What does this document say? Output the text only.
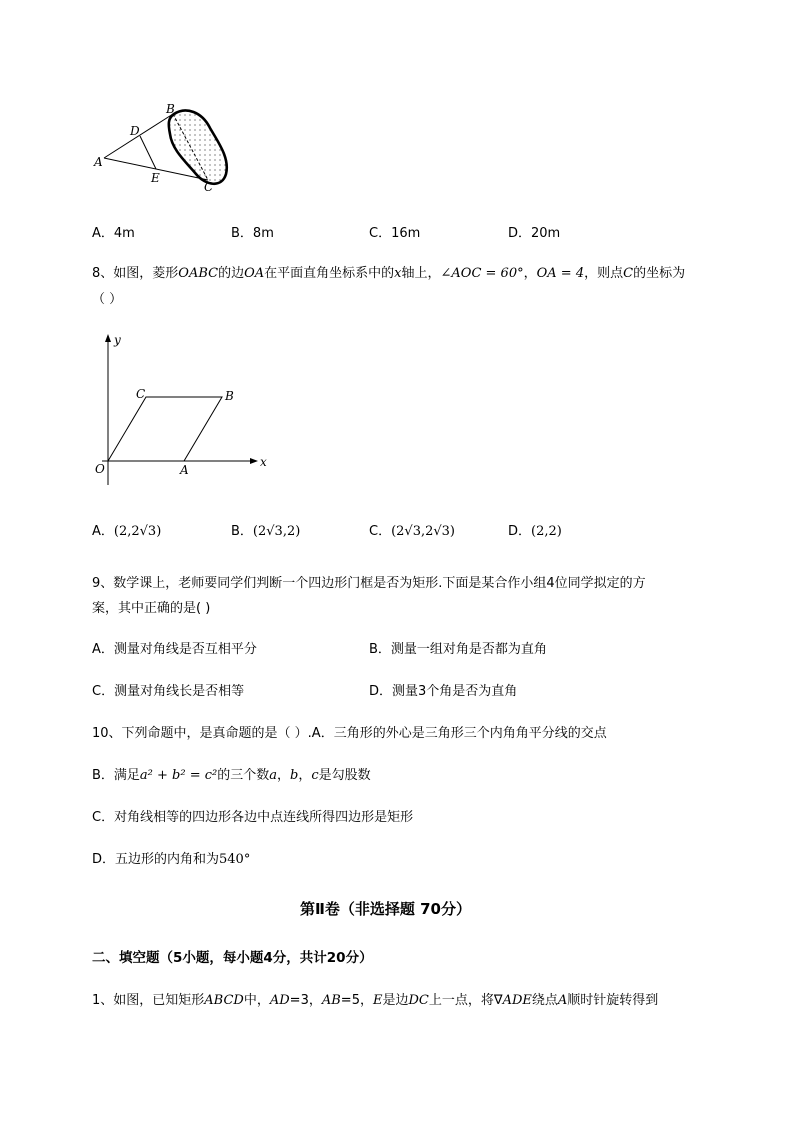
B
D
A
E
C
A．4m	B．8m	C．16m	D．20m
8、如图，菱形OABC的边OA在平面直角坐标系中的x轴上，∠AOC = 60°，OA = 4，则点C的坐标为
（ ）
y
x
O	A
B
C
A．(2,2√3)	B．(2√3,2)	C．(2√3,2√3)	D．(2,2)
9、数学课上，老师要同学们判断一个四边形门框是否为矩形.下面是某合作小组4位同学拟定的方
案，其中正确的是( )
A．测量对角线是否互相平分	B．测量一组对角是否都为直角
C．测量对角线长是否相等	D．测量3个角是否为直角
10、下列命题中，是真命题的是（ ）.A．三角形的外心是三角形三个内角角平分线的交点
B．满足a² + b² = c²的三个数a，b，c是勾股数
C．对角线相等的四边形各边中点连线所得四边形是矩形
D．五边形的内角和为540°
第Ⅱ卷（非选择题 70分）
二、填空题（5小题，每小题4分，共计20分）
1、如图，已知矩形ABCD中，AD=3，AB=5，E是边DC上一点，将∇ADE绕点A顺时针旋转得到
